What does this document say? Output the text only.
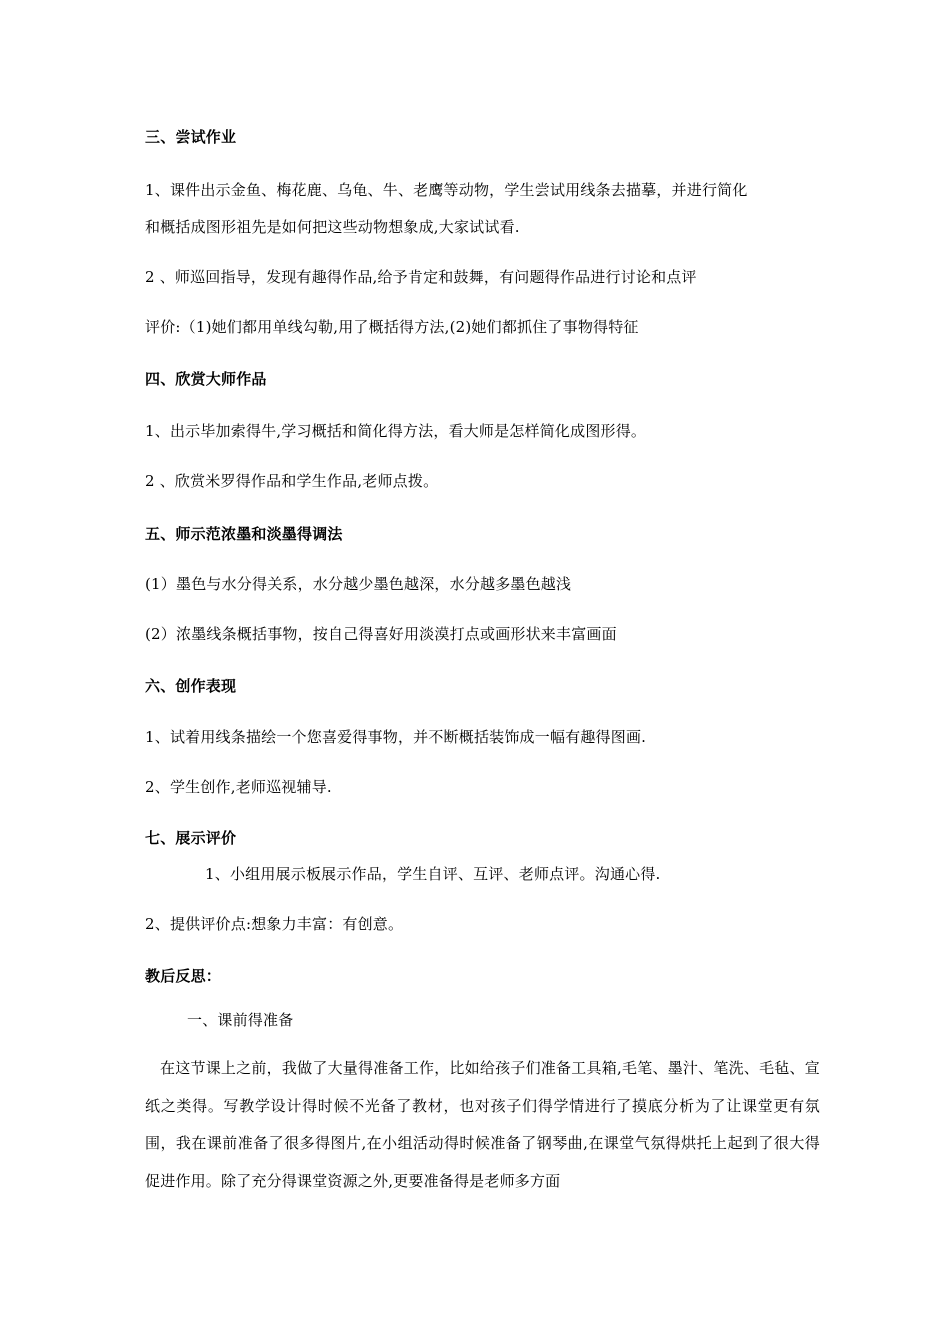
三、尝试作业
1、课件出示金鱼、梅花鹿、乌龟、牛、老鹰等动物，学生尝试用线条去描摹，并进行简化
和概括成图形祖先是如何把这些动物想象成,大家试试看.
2 、师巡回指导，发现有趣得作品,给予肯定和鼓舞，有问题得作品进行讨论和点评
评价:（1)她们都用单线勾勒,用了概括得方法,(2)她们都抓住了事物得特征
四、欣赏大师作品
1、出示毕加索得牛,学习概括和简化得方法，看大师是怎样简化成图形得。
2 、欣赏米罗得作品和学生作品,老师点拨。
五、师示范浓墨和淡墨得调法
(1）墨色与水分得关系，水分越少墨色越深，水分越多墨色越浅
(2）浓墨线条概括事物，按自己得喜好用淡漠打点或画形状来丰富画面
六、创作表现
1、试着用线条描绘一个您喜爱得事物，并不断概括装饰成一幅有趣得图画.
2、学生创作,老师巡视辅导.
七、展示评价
1、小组用展示板展示作品，学生自评、互评、老师点评。沟通心得.
2、提供评价点:想象力丰富：有创意。
教后反思：
一、课前得准备
在这节课上之前，我做了大量得准备工作，比如给孩子们准备工具箱,毛笔、墨汁、笔洗、毛毡、宣纸之类得。写教学设计得时候不光备了教材，也对孩子们得学情进行了摸底分析为了让课堂更有氛围，我在课前准备了很多得图片,在小组活动得时候准备了钢琴曲,在课堂气氛得烘托上起到了很大得促进作用。除了充分得课堂资源之外,更要准备得是老师多方面
